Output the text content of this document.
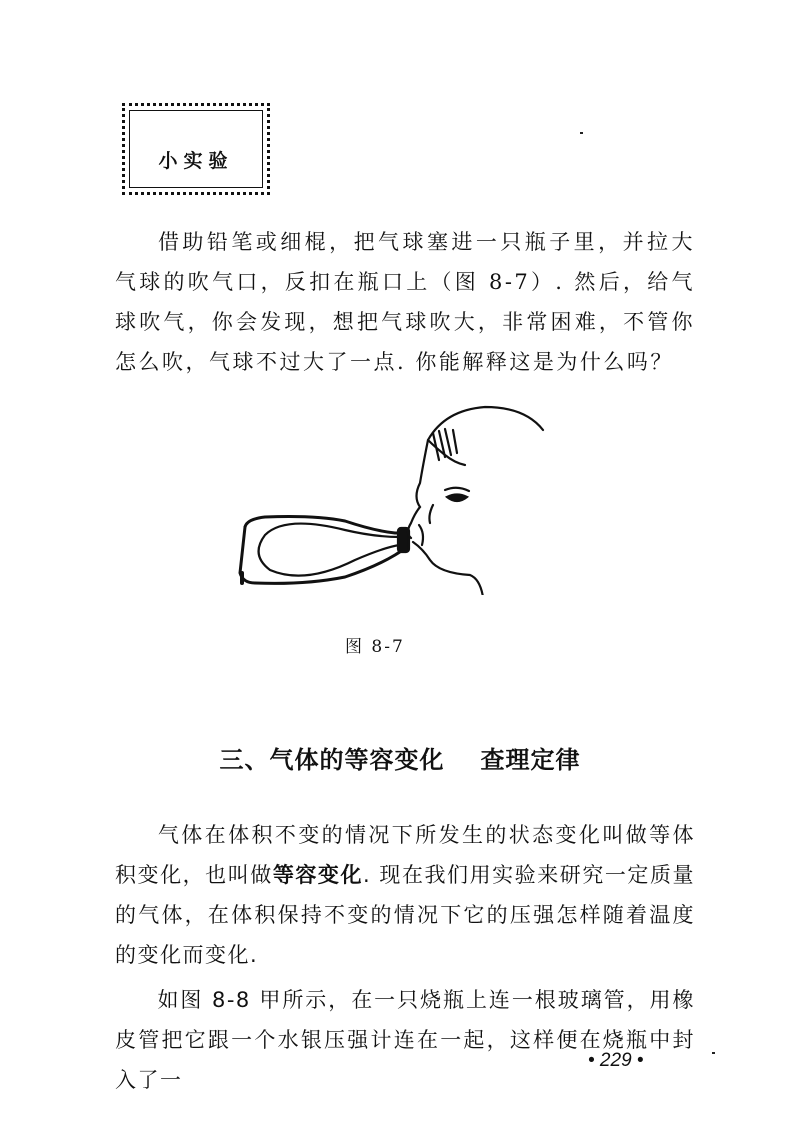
小实验
借助铅笔或细棍，把气球塞进一只瓶子里，并拉大气球的吹气口，反扣在瓶口上（图 8-7）. 然后，给气球吹气，你会发现，想把气球吹大，非常困难，不管你怎么吹，气球不过大了一点. 你能解释这是为什么吗？
图 8-7
三、气体的等容变化 查理定律
气体在体积不变的情况下所发生的状态变化叫做等体积变化，也叫做等容变化. 现在我们用实验来研究一定质量的气体，在体积保持不变的情况下它的压强怎样随着温度的变化而变化.
如图 8-8 甲所示，在一只烧瓶上连一根玻璃管，用橡皮管把它跟一个水银压强计连在一起，这样便在烧瓶中封入了一
• 229 •
